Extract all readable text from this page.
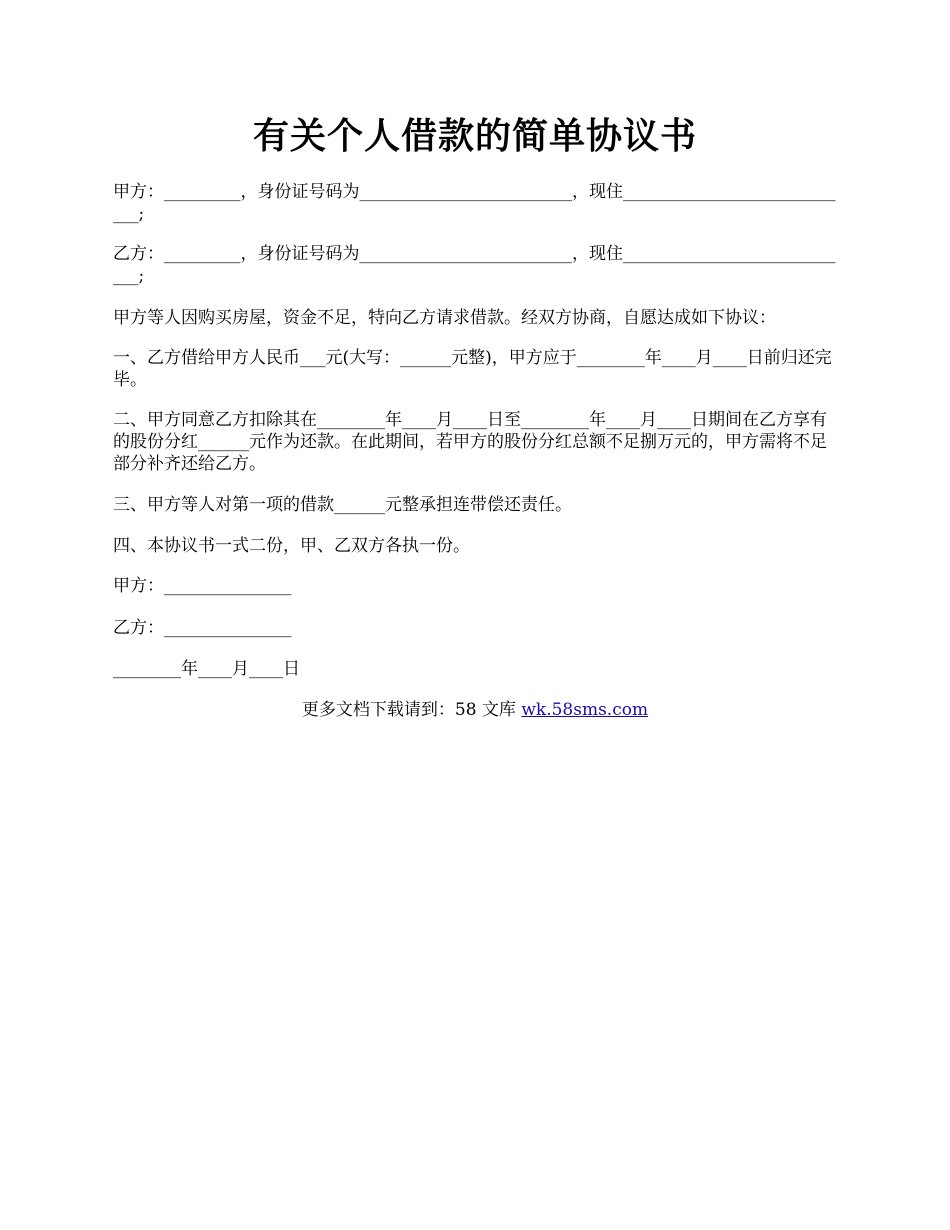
有关个人借款的简单协议书

甲方：_________，身份证号码为_________________________，现住____________________________;

乙方：_________，身份证号码为_________________________，现住____________________________;

甲方等人因购买房屋，资金不足，特向乙方请求借款。经双方协商，自愿达成如下协议：

一、乙方借给甲方人民币___元(大写：______元整)，甲方应于________年____月____日前归还完毕。

二、甲方同意乙方扣除其在________年____月____日至________年____月____日期间在乙方享有的股份分红______元作为还款。在此期间，若甲方的股份分红总额不足捌万元的，甲方需将不足部分补齐还给乙方。

三、甲方等人对第一项的借款______元整承担连带偿还责任。

四、本协议书一式二份，甲、乙双方各执一份。

甲方：_______________

乙方：_______________

________年____月____日

更多文档下载请到：58 文库 wk.58sms.com
